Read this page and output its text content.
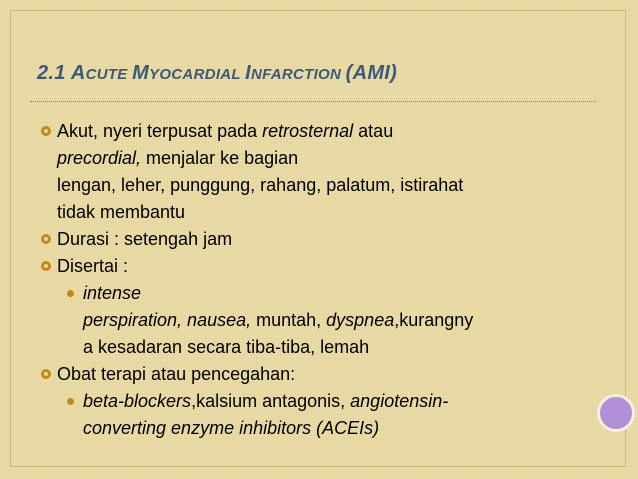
2.1 ACUTE MYOCARDIAL INFARCTION (AMI)
Akut, nyeri terpusat pada retrosternal atau
precordial, menjalar ke bagian
lengan, leher, punggung, rahang, palatum, istirahat
tidak membantu
Durasi : setengah jam
Disertai :
intense
perspiration, nausea, muntah, dyspnea,kurangny
a kesadaran secara tiba-tiba, lemah
Obat terapi atau pencegahan:
beta-blockers,kalsium antagonis, angiotensin-
converting enzyme inhibitors (ACEIs)
